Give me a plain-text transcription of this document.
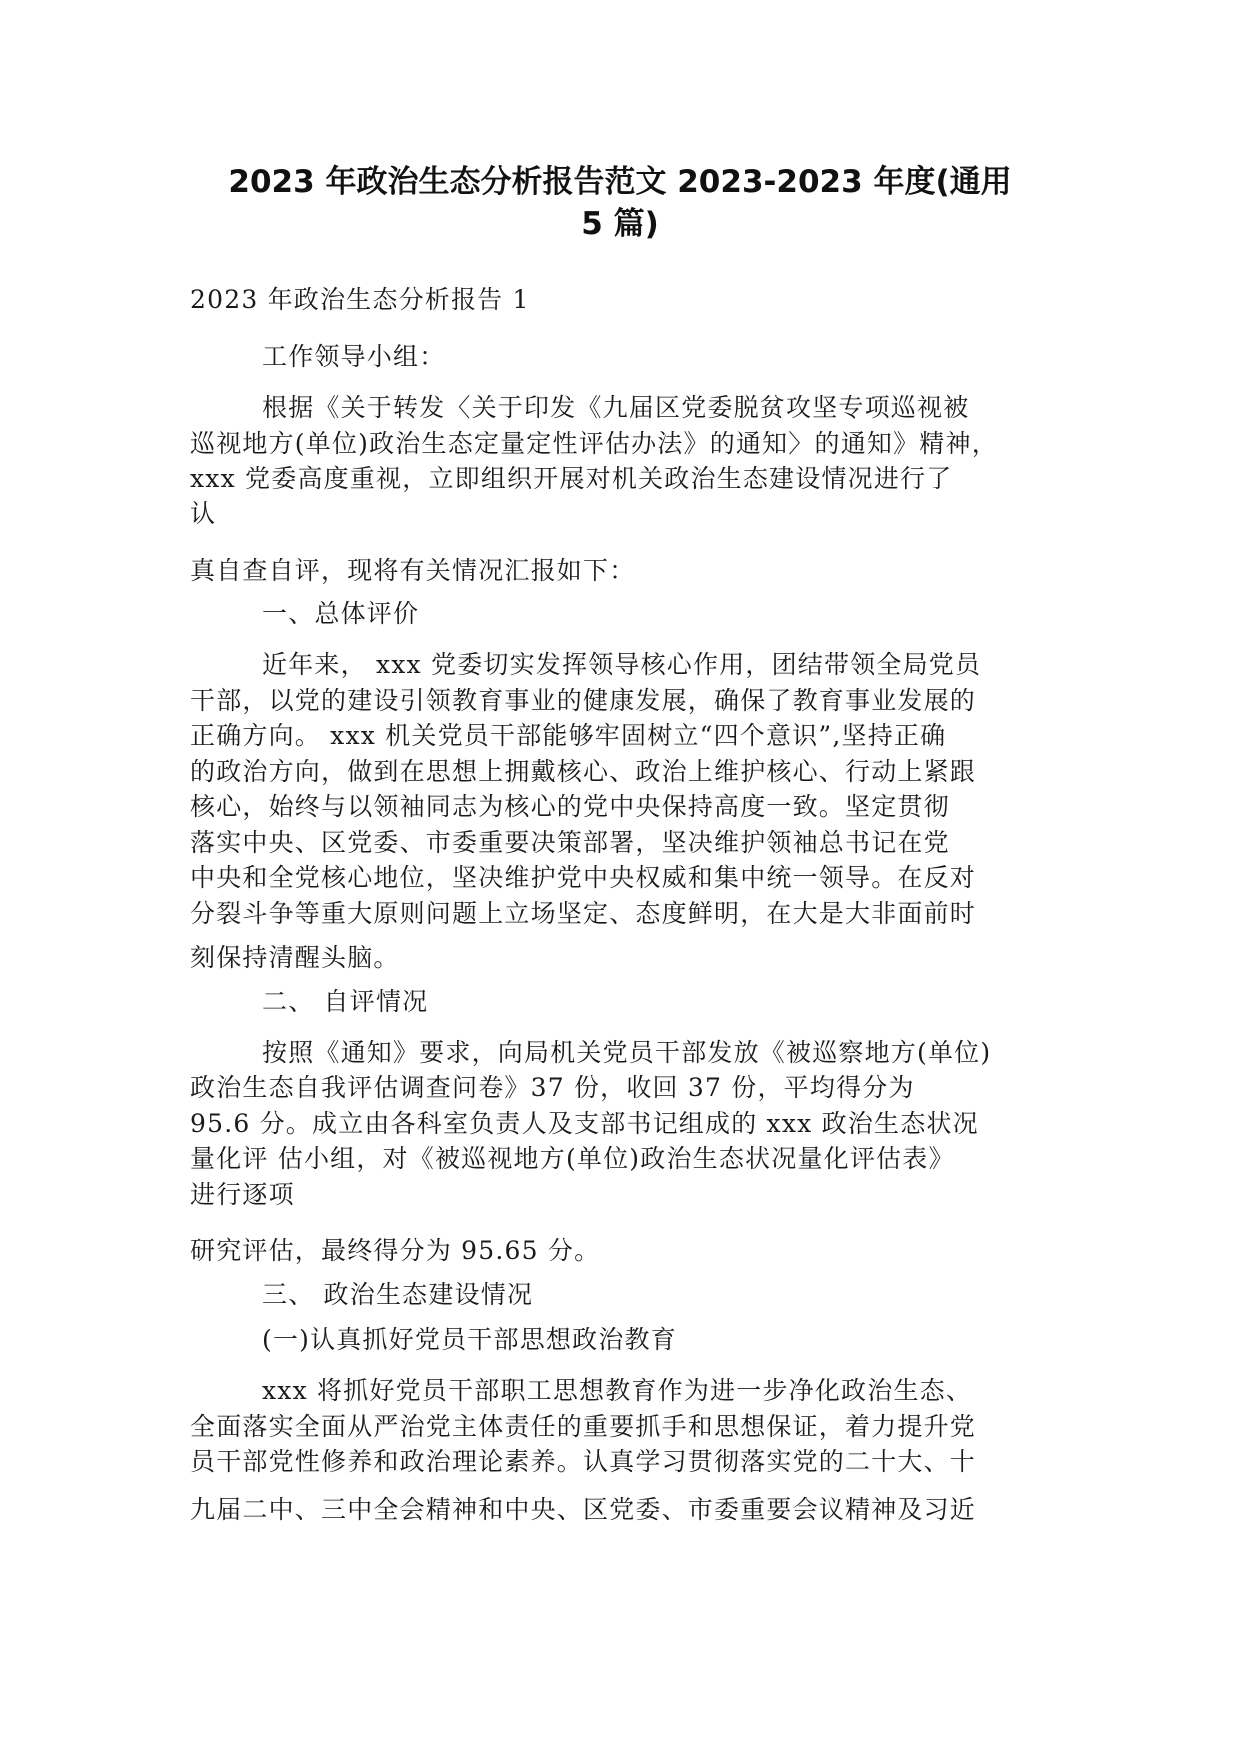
2023 年政治生态分析报告范文 2023-2023 年度(通用
5 篇)
2023 年政治生态分析报告 1
工作领导小组：
根据《关于转发〈关于印发《九届区党委脱贫攻坚专项巡视被
巡视地方(单位)政治生态定量定性评估办法》的通知〉的通知》精神，
xxx 党委高度重视，立即组织开展对机关政治生态建设情况进行了
认
真自查自评，现将有关情况汇报如下：
一、总体评价
近年来， xxx 党委切实发挥领导核心作用，团结带领全局党员
干部，以党的建设引领教育事业的健康发展，确保了教育事业发展的
正确方向。 xxx 机关党员干部能够牢固树立“四个意识”,坚持正确
的政治方向，做到在思想上拥戴核心、政治上维护核心、行动上紧跟
核心，始终与以领袖同志为核心的党中央保持高度一致。坚定贯彻
落实中央、区党委、市委重要决策部署，坚决维护领袖总书记在党
中央和全党核心地位，坚决维护党中央权威和集中统一领导。在反对
分裂斗争等重大原则问题上立场坚定、态度鲜明，在大是大非面前时
刻保持清醒头脑。
二、 自评情况
按照《通知》要求，向局机关党员干部发放《被巡察地方(单位)
政治生态自我评估调查问卷》37 份，收回 37 份，平均得分为
95.6 分。成立由各科室负责人及支部书记组成的 xxx 政治生态状况
量化评 估小组，对《被巡视地方(单位)政治生态状况量化评估表》
进行逐项
研究评估，最终得分为 95.65 分。
三、 政治生态建设情况
(一)认真抓好党员干部思想政治教育
xxx 将抓好党员干部职工思想教育作为进一步净化政治生态、
全面落实全面从严治党主体责任的重要抓手和思想保证，着力提升党
员干部党性修养和政治理论素养。认真学习贯彻落实党的二十大、十
九届二中、三中全会精神和中央、区党委、市委重要会议精神及习近
